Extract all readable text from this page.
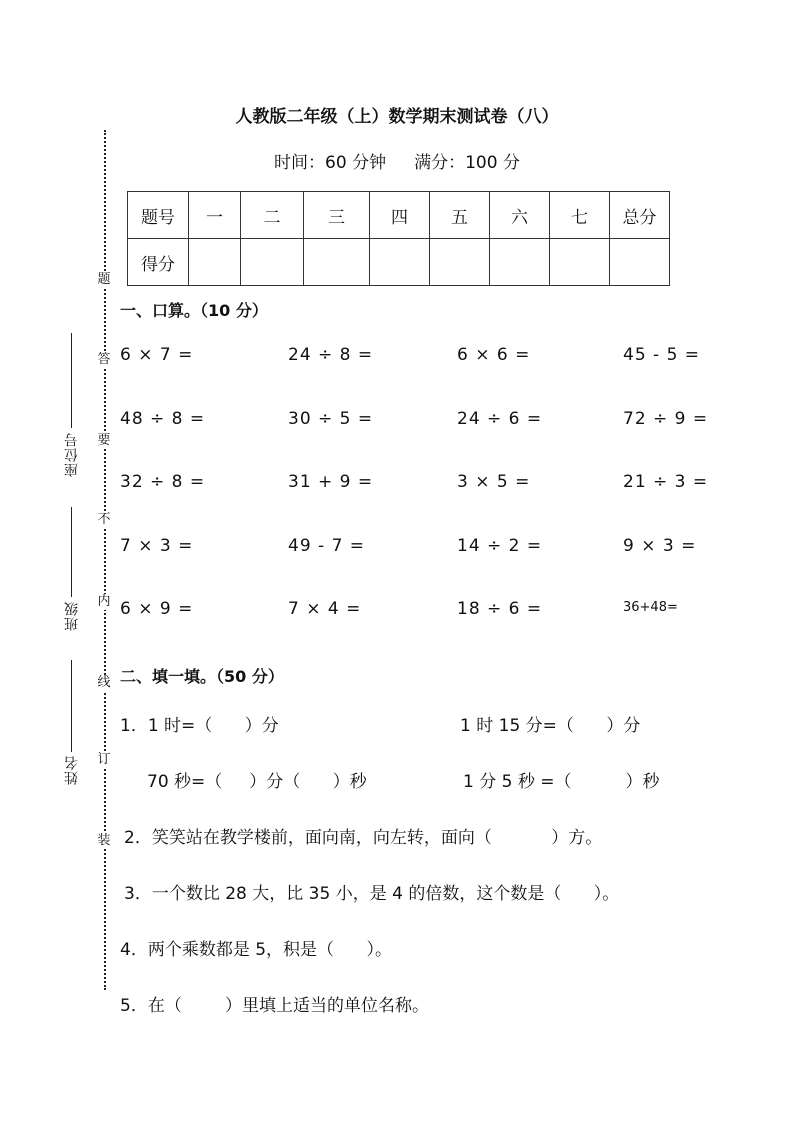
题
答
要
不
内
线
订
装
座位号
班级
姓名
人教版二年级（上）数学期末测试卷（八）
时间：60 分钟 满分：100 分
题号	一	二	三	四	五	六	七	总分
得分								
一、口算。（10 分）
6 × 7 =	24 ÷ 8 =	6 × 6 =	45 - 5 =
48 ÷ 8 =	30 ÷ 5 =	24 ÷ 6 =	72 ÷ 9 =
32 ÷ 8 =	31 + 9 =	3 × 5 =	21 ÷ 3 =
7 × 3 =	49 - 7 =	14 ÷ 2 =	9 × 3 =
6 × 9 =	7 × 4 =	18 ÷ 6 =	36+48=
二、填一填。（50 分）
1．1 时=（      ）分	1 时 15 分=（      ）分
70 秒=（     ）分（      ）秒	1 分 5 秒 =（          ）秒
2．笑笑站在教学楼前，面向南，向左转，面向（           ）方。
3．一个数比 28 大，比 35 小，是 4 的倍数，这个数是（      ）。
4．两个乘数都是 5，积是（      ）。
5．在（        ）里填上适当的单位名称。
